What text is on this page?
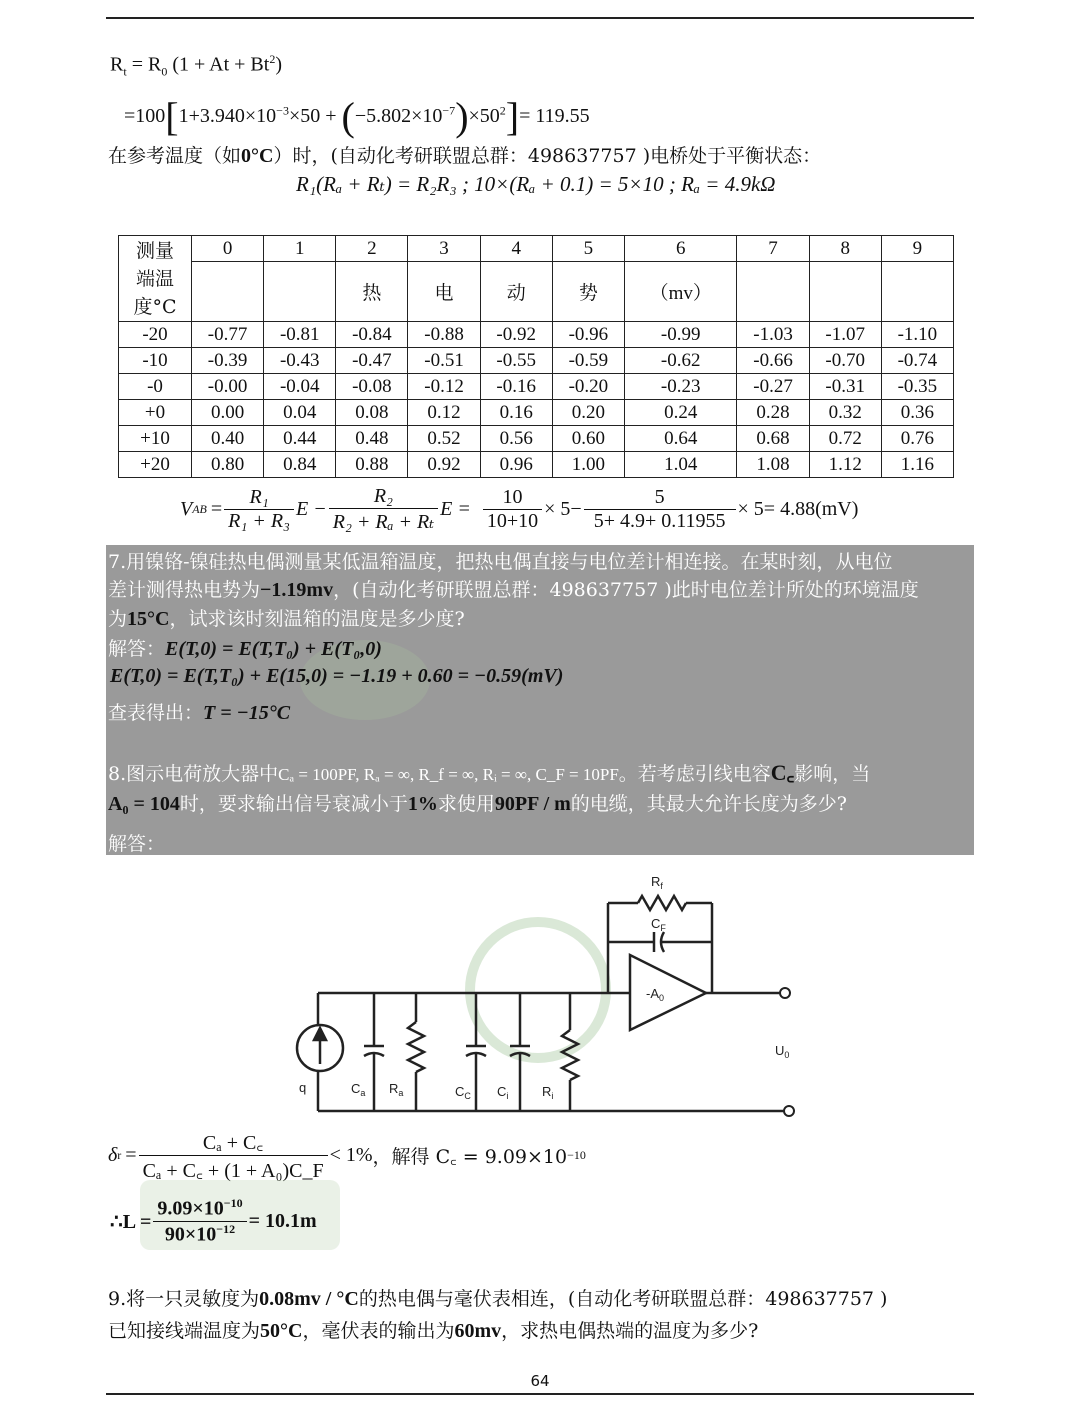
$R_t = R_0$ $(1 + At + Bt^2)$
$=100[1+3.940\times 10^{-3}\times 50 + (-5.802\times 10^{-7})\times 50^2]= 119.55$
在参考温度（如0°C）时，(自动化考研联盟总群：498637757 )电桥处于平衡状态：
R₁(Rₐ + Rₜ) = R₂R₃ ; 10×(Rₐ + 0.1) = 5×10 ; Rₐ = 4.9kΩ
测量端温度°C	0	1	2	3	4	5	6	7	8	9
			热	电	动	势	（mv）			
-20	-0.77	-0.81	-0.84	-0.88	-0.92	-0.96	-0.99	-1.03	-1.07	-1.10
-10	-0.39	-0.43	-0.47	-0.51	-0.55	-0.59	-0.62	-0.66	-0.70	-0.74
-0	-0.00	-0.04	-0.08	-0.12	-0.16	-0.20	-0.23	-0.27	-0.31	-0.35
+0	0.00	0.04	0.08	0.12	0.16	0.20	0.24	0.28	0.32	0.36
+10	0.40	0.44	0.48	0.52	0.56	0.60	0.64	0.68	0.72	0.76
+20	0.80	0.84	0.88	0.92	0.96	1.00	1.04	1.08	1.12	1.16
V AB = $\frac{\text{R₁}}{\text{R₁ + R₃}}$ $E - \frac{\text{R₂}}{\text{R₂ + Rₐ + Rₜ}}$ $E = \frac{10}{10+10} \times 5- \frac{5}{5+ 4.9+ 0.11955} \times 5= 4.88(mV)$
7.用镍铬-镍硅热电偶测量某低温箱温度，把热电偶直接与电位差计相连接。在某时刻，从电位
差计测得热电势为−1.19mv，(自动化考研联盟总群：498637757 )此时电位差计所处的环境温度
为15°C，试求该时刻温箱的温度是多少度?
解答：E(T,0) = E(T,T₀) + E(T₀,0)
E(T,0) = E(T,T₀) + E(15,0) = −1.19 + 0.60 = −0.59(mV)
查表得出：T = −15°C
8.图示电荷放大器中Cₐ = 100PF, Rₐ = ∞, R_f = ∞, Rᵢ = ∞, C_F = 10PF。若考虑引线电容C꜀影响，当
A₀ = 104时，要求输出信号衰减小于1%求使用90PF / m的电缆，其最大允许长度为多少?
解答：
$R_f$
$C_F$
$-A_0$
q	$C_a$ $R_a$	$C_C$ $C_i$	$R_i$
$U_0$
δ $r = \frac{\text{Cₐ + C꜀}}{\text{Cₐ + C꜀ + (1 + A₀)C\_F}} < 1\%$ ，解得 C꜀ = 9.09×10 −10
∴L = $\frac{9.09\times 10^{-10}}{90\times 10^{-12}} = 10.1m$
9.将一只灵敏度为0.08mv / °C的热电偶与毫伏表相连，(自动化考研联盟总群：498637757 )
已知接线端温度为50°C，毫伏表的输出为60mv，求热电偶热端的温度为多少?
64
